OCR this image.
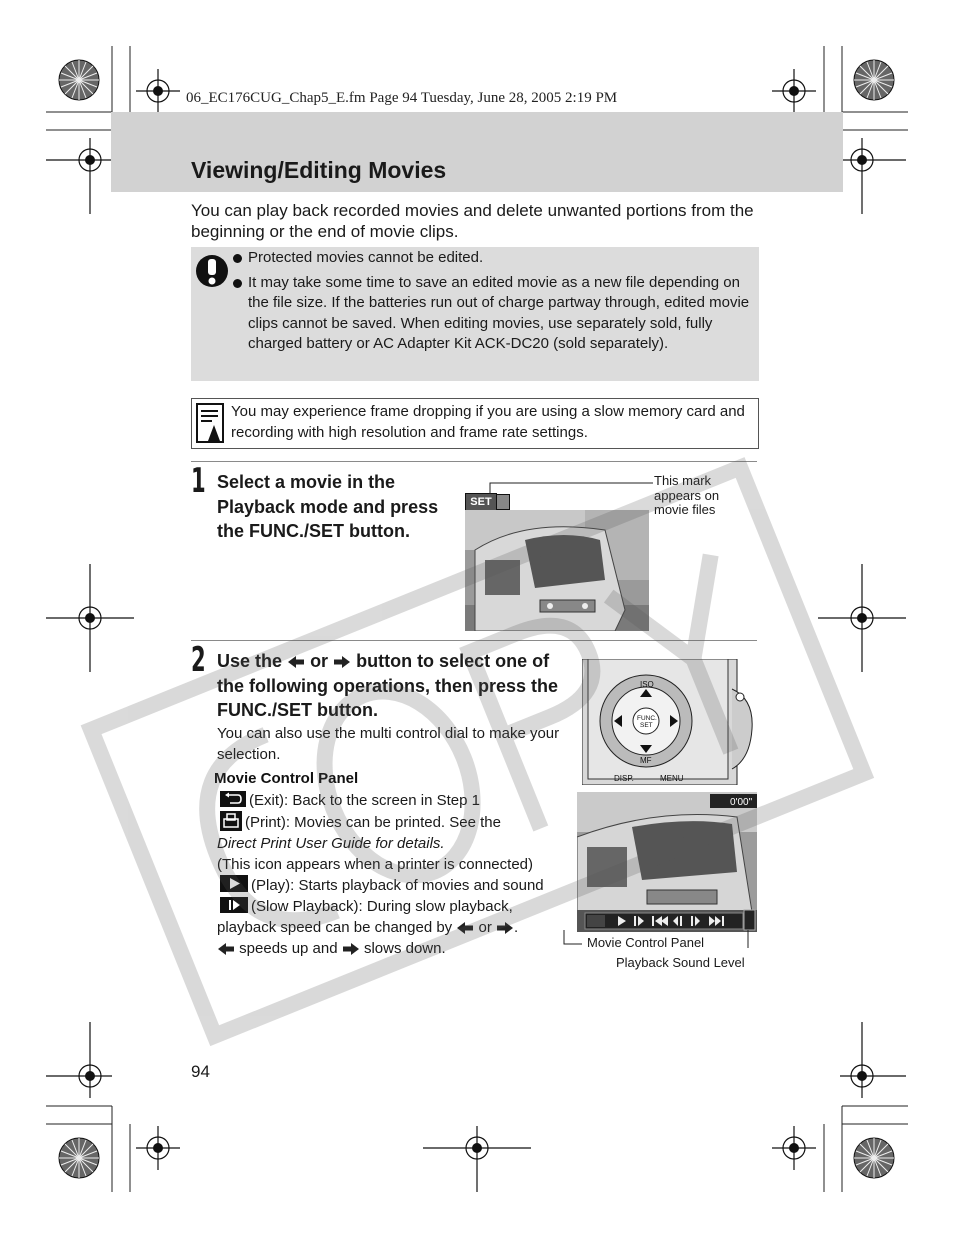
06_EC176CUG_Chap5_E.fm Page 94 Tuesday, June 28, 2005 2:19 PM
Viewing/Editing Movies
You can play back recorded movies and delete unwanted portions from the beginning or the end of movie clips.
Protected movies cannot be edited.
It may take some time to save an edited movie as a new file depending on the file size. If the batteries run out of charge partway through, edited movie clips cannot be saved. When editing movies, use separately sold, fully charged battery or AC Adapter Kit ACK-DC20 (sold separately).
You may experience frame dropping if you are using a slow memory card and recording with high resolution and frame rate settings.
1 Select a movie in the Playback mode and press the FUNC./SET button.
SET
This mark appears on movie files
2 Use the or button to select one of the following operations, then press the FUNC./SET button.
You can also use the multi control dial to make your selection.
Movie Control Panel
(Exit): Back to the screen in Step 1
(Print): Movies can be printed. See the
Direct Print User Guide for details.
(This icon appears when a printer is connected)
(Play): Starts playback of movies and sound
(Slow Playback): During slow playback, playback speed can be changed by or .
speeds up and slows down.
ISO
FUNC.
SET
MF
DISP.	MENU
0'00"
Movie Control Panel
Playback Sound Level
94
